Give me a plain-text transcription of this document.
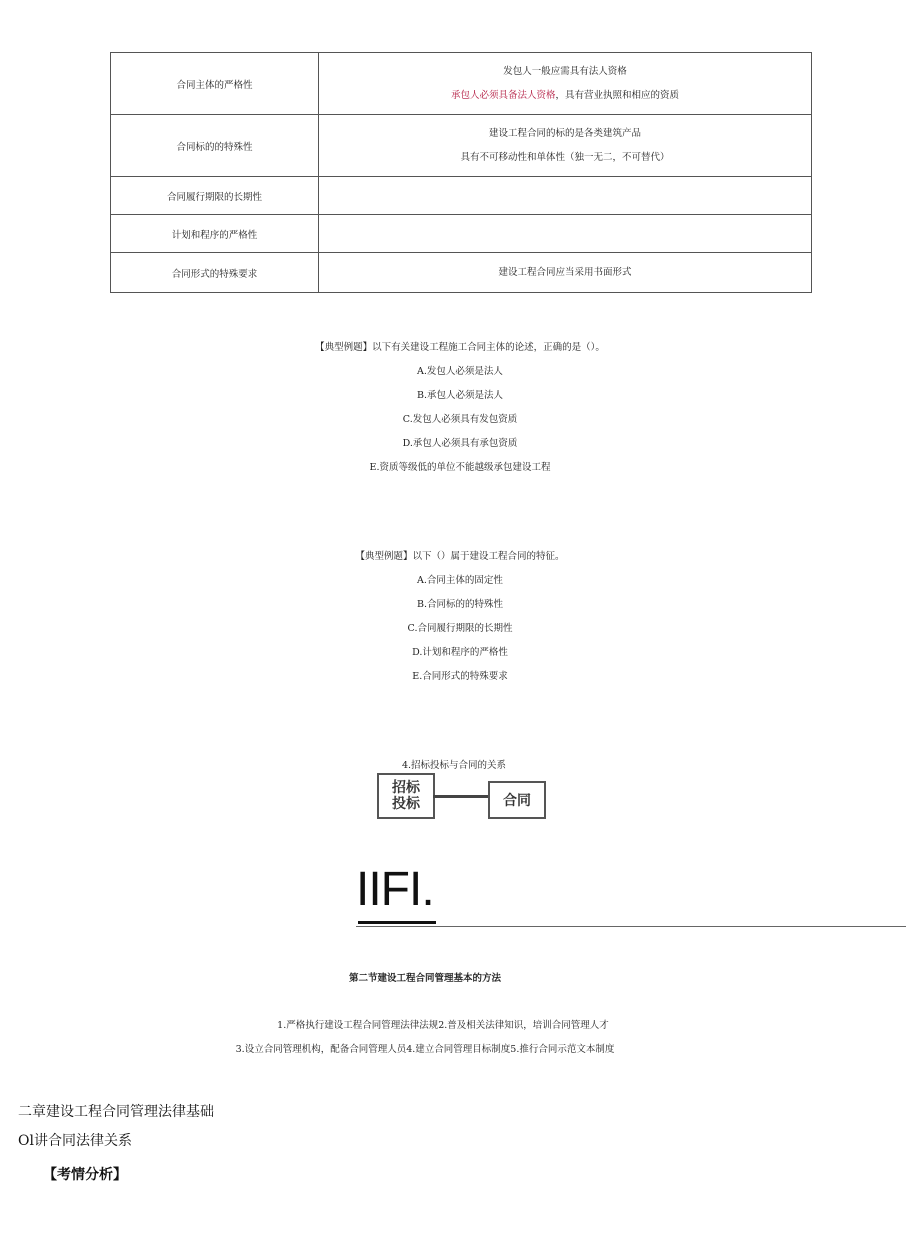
合同主体的严格性	发包人一般应需具有法人资格
承包人必须具备法人资格，具有营业执照和相应的资质

合同标的的特殊性	建设工程合同的标的是各类建筑产品
具有不可移动性和单体性（独一无二，不可替代）

合同履行期限的长期性	
计划和程序的严格性	
合同形式的特殊要求	建设工程合同应当采用书面形式
【典型例题】以下有关建设工程施工合同主体的论述，正确的是（）。
A.发包人必须是法人
B.承包人必须是法人
C.发包人必须具有发包资质
D.承包人必须具有承包资质
E.资质等级低的单位不能越级承包建设工程
【典型例题】以下（）属于建设工程合同的特征。
A.合同主体的固定性
B.合同标的的特殊性
C.合同履行期限的长期性
D.计划和程序的严格性
E.合同形式的特殊要求
4.招标投标与合同的关系
招标
投标	合同
IIFI.
第二节建设工程合同管理基本的方法
1.严格执行建设工程合同管理法律法规2.普及相关法律知识，培训合同管理人才
3.设立合同管理机构，配备合同管理人员4.建立合同管理目标制度5.推行合同示范文本制度
二章建设工程合同管理法律基础
Ol讲合同法律关系
【考情分析】
